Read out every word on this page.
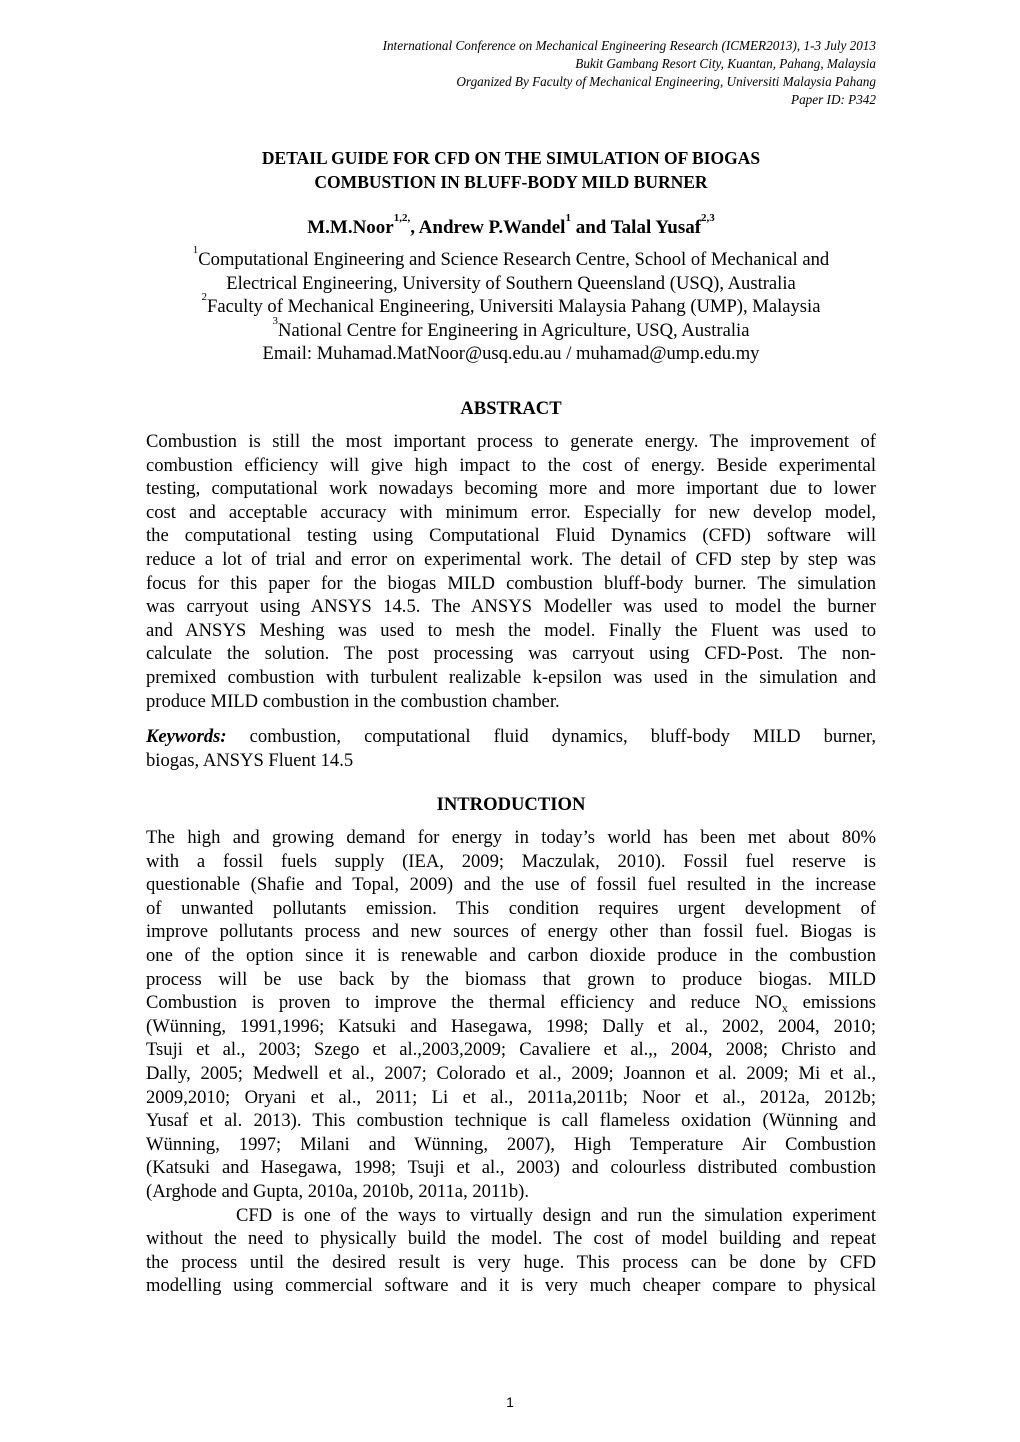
International Conference on Mechanical Engineering Research (ICMER2013), 1-3 July 2013
Bukit Gambang Resort City, Kuantan, Pahang, Malaysia
Organized By Faculty of Mechanical Engineering, Universiti Malaysia Pahang
Paper ID: P342
DETAIL GUIDE FOR CFD ON THE SIMULATION OF BIOGAS
COMBUSTION IN BLUFF-BODY MILD BURNER
M.M.Noor$^{1,2,}$, Andrew P.Wandel$^1$ and Talal Yusaf$^{2,3}$
$^1$Computational Engineering and Science Research Centre, School of Mechanical and
Electrical Engineering, University of Southern Queensland (USQ), Australia
$^2$Faculty of Mechanical Engineering, Universiti Malaysia Pahang (UMP), Malaysia
$^3$National Centre for Engineering in Agriculture, USQ, Australia
Email: Muhamad.MatNoor@usq.edu.au / muhamad@ump.edu.my
ABSTRACT
Combustion is still the most important process to generate energy. The improvement of
combustion efficiency will give high impact to the cost of energy. Beside experimental
testing, computational work nowadays becoming more and more important due to lower
cost and acceptable accuracy with minimum error. Especially for new develop model,
the computational testing using Computational Fluid Dynamics (CFD) software will
reduce a lot of trial and error on experimental work. The detail of CFD step by step was
focus for this paper for the biogas MILD combustion bluff-body burner. The simulation
was carryout using ANSYS 14.5. The ANSYS Modeller was used to model the burner
and ANSYS Meshing was used to mesh the model. Finally the Fluent was used to
calculate the solution. The post processing was carryout using CFD-Post. The non-
premixed combustion with turbulent realizable k-epsilon was used in the simulation and
produce MILD combustion in the combustion chamber.
Keywords: combustion, computational fluid dynamics, bluff-body MILD burner,
biogas, ANSYS Fluent 14.5
INTRODUCTION
The high and growing demand for energy in today’s world has been met about 80%
with a fossil fuels supply (IEA, 2009; Maczulak, 2010). Fossil fuel reserve is
questionable (Shafie and Topal, 2009) and the use of fossil fuel resulted in the increase
of unwanted pollutants emission. This condition requires urgent development of
improve pollutants process and new sources of energy other than fossil fuel. Biogas is
one of the option since it is renewable and carbon dioxide produce in the combustion
process will be use back by the biomass that grown to produce biogas. MILD
Combustion is proven to improve the thermal efficiency and reduce $NO_x$ emissions
(Wünning, 1991,1996; Katsuki and Hasegawa, 1998; Dally et al., 2002, 2004, 2010;
Tsuji et al., 2003; Szego et al.,2003,2009; Cavaliere et al.,, 2004, 2008; Christo and
Dally, 2005; Medwell et al., 2007; Colorado et al., 2009; Joannon et al. 2009; Mi et al.,
2009,2010; Oryani et al., 2011; Li et al., 2011a,2011b; Noor et al., 2012a, 2012b;
Yusaf et al. 2013). This combustion technique is call flameless oxidation (Wünning and
Wünning, 1997; Milani and Wünning, 2007), High Temperature Air Combustion
(Katsuki and Hasegawa, 1998; Tsuji et al., 2003) and colourless distributed combustion
(Arghode and Gupta, 2010a, 2010b, 2011a, 2011b).
CFD is one of the ways to virtually design and run the simulation experiment
without the need to physically build the model. The cost of model building and repeat
the process until the desired result is very huge. This process can be done by CFD
modelling using commercial software and it is very much cheaper compare to physical
1
